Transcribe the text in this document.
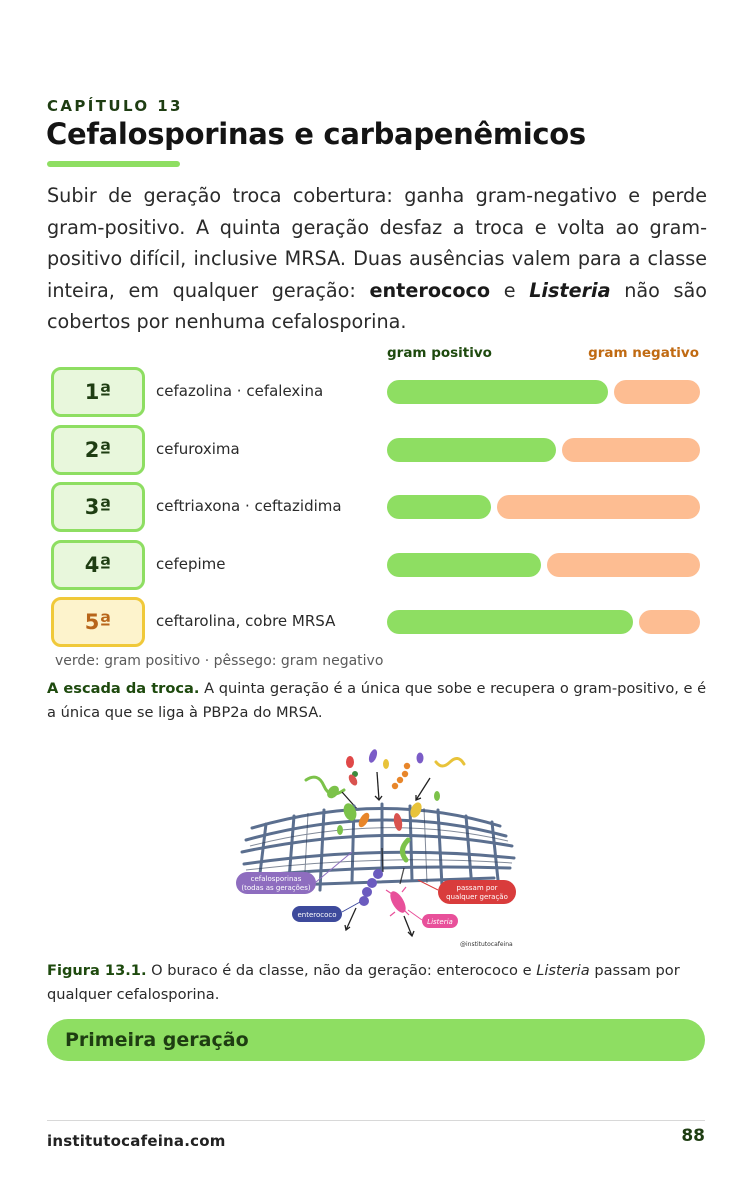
CAPÍTULO 13
Cefalosporinas e carbapenêmicos

Subir de geração troca cobertura: ganha gram-negativo e perde gram-positivo. A quinta geração desfaz a troca e volta ao gram-positivo difícil, inclusive MRSA. Duas ausências valem para a classe inteira, em qualquer geração: enterococo e Listeria não são cobertos por nenhuma cefalosporina.

gram positivo	gram negativo
1ª	cefazolina · cefalexina
2ª	cefuroxima
3ª	ceftriaxona · ceftazidima
4ª	cefepime
5ª	ceftarolina, cobre MRSA
verde: gram positivo · pêssego: gram negativo

A escada da troca. A quinta geração é a única que sobe e recupera o gram-positivo, e é a única que se liga à PBP2a do MRSA.

cefalosporinas
(todas as gerações)	passam por
qualquer geração
enterococo
Listeria
@institutocafeina

Figura 13.1. O buraco é da classe, não da geração: enterococo e Listeria passam por qualquer cefalosporina.

Primeira geração
institutocafeina.com	88
